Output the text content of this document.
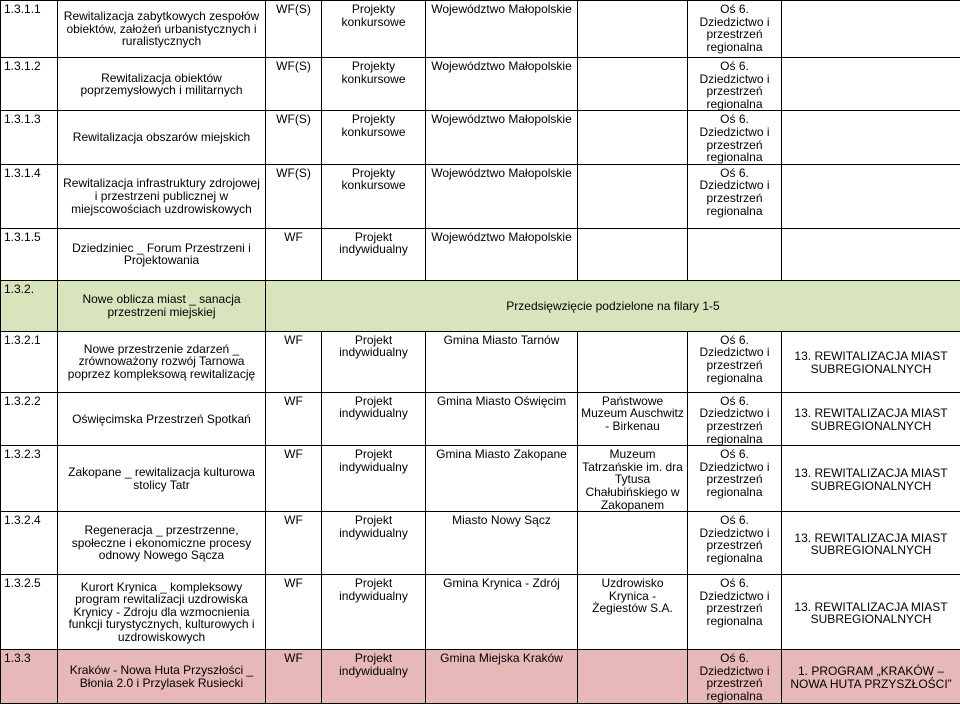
1.3.1.1	Rewitalizacja zabytkowych zespołów obiektów, założeń urbanistycznych i ruralistycznych	WF(S)	Projekty konkursowe	Województwo Małopolskie		Oś 6. Dziedzictwo i przestrzeń regionalna	
1.3.1.2	Rewitalizacja obiektów poprzemysłowych i militarnych	WF(S)	Projekty konkursowe	Województwo Małopolskie		Oś 6. Dziedzictwo i przestrzeń regionalna	
1.3.1.3	Rewitalizacja obszarów miejskich	WF(S)	Projekty konkursowe	Województwo Małopolskie		Oś 6. Dziedzictwo i przestrzeń regionalna	
1.3.1.4	Rewitalizacja infrastruktury zdrojowej i przestrzeni publicznej w miejscowościach uzdrowiskowych	WF(S)	Projekty konkursowe	Województwo Małopolskie		Oś 6. Dziedzictwo i przestrzeń regionalna	
1.3.1.5	Dziedziniec _ Forum Przestrzeni i Projektowania	WF	Projekt indywidualny	Województwo Małopolskie			
1.3.2.	Nowe oblicza miast _ sanacja przestrzeni miejskiej	Przedsięwzięcie podzielone na filary 1-5					
1.3.2.1	Nowe przestrzenie zdarzeń _ zrównoważony rozwój Tarnowa poprzez kompleksową rewitalizację	WF	Projekt indywidualny	Gmina Miasto Tarnów		Oś 6. Dziedzictwo i przestrzeń regionalna	13. REWITALIZACJA MIAST SUBREGIONALNYCH
1.3.2.2	Oświęcimska Przestrzeń Spotkań	WF	Projekt indywidualny	Gmina Miasto Oświęcim	Państwowe Muzeum Auschwitz - Birkenau	Oś 6. Dziedzictwo i przestrzeń regionalna	13. REWITALIZACJA MIAST SUBREGIONALNYCH
1.3.2.3	Zakopane _ rewitalizacja kulturowa stolicy Tatr	WF	Projekt indywidualny	Gmina Miasto Zakopane	Muzeum Tatrzańskie im. dra Tytusa Chałubińskiego w Zakopanem	Oś 6. Dziedzictwo i przestrzeń regionalna	13. REWITALIZACJA MIAST SUBREGIONALNYCH
1.3.2.4	Regeneracja _ przestrzenne, społeczne i ekonomiczne procesy odnowy Nowego Sącza	WF	Projekt indywidualny	Miasto Nowy Sącz		Oś 6. Dziedzictwo i przestrzeń regionalna	13. REWITALIZACJA MIAST SUBREGIONALNYCH
1.3.2.5	Kurort Krynica _ kompleksowy program rewitalizacji uzdrowiska Krynicy - Zdroju dla wzmocnienia funkcji turystycznych, kulturowych i uzdrowiskowych	WF	Projekt indywidualny	Gmina Krynica - Zdrój	Uzdrowisko Krynica - Żegiestów S.A.	Oś 6. Dziedzictwo i przestrzeń regionalna	13. REWITALIZACJA MIAST SUBREGIONALNYCH
1.3.3	Kraków - Nowa Huta Przyszłości _ Błonia 2.0 i Przylasek Rusiecki	WF	Projekt indywidualny	Gmina Miejska Kraków		Oś 6. Dziedzictwo i przestrzeń regionalna	1. PROGRAM „KRAKÓW – NOWA HUTA PRZYSZŁOŚCI”
